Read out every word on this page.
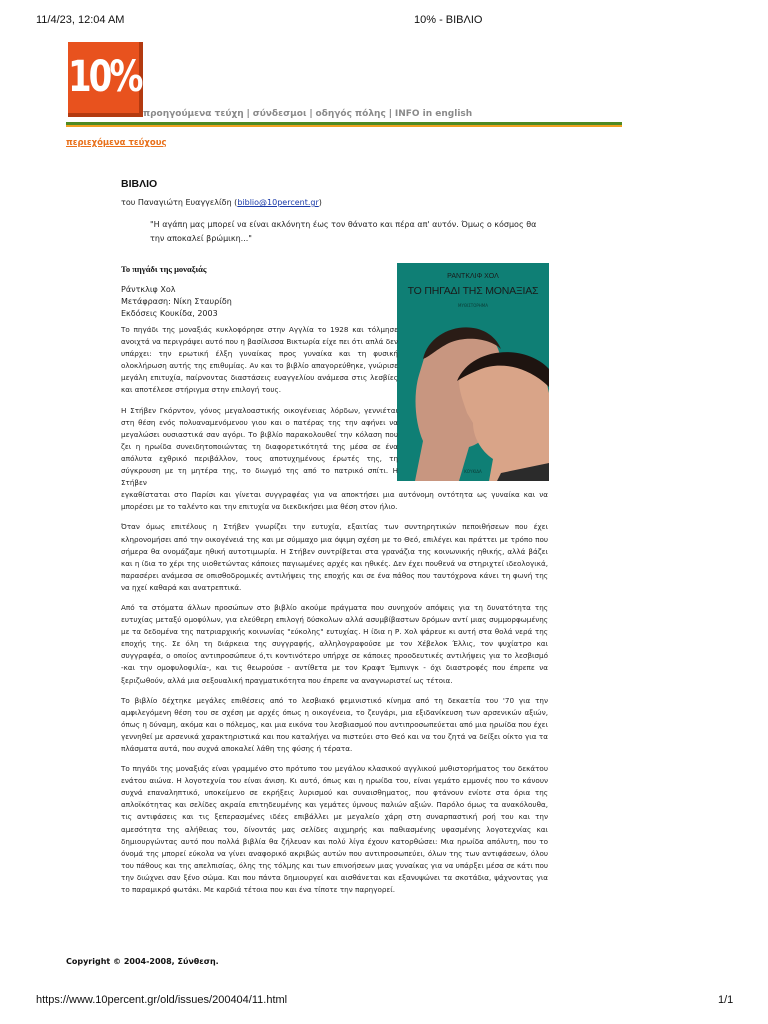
11/4/23, 12:04 AM	10% - ΒΙΒΛΙΟ
10%
προηγούμενα τεύχη | σύνδεσμοι | οδηγός πόλης | INFO in english
περιεχόμενα τεύχους
ΒΙΒΛΙΟ
του Παναγιώτη Ευαγγελίδη (biblio@10percent.gr)
"Η αγάπη μας μπορεί να είναι ακλόνητη έως τον θάνατο και πέρα απ' αυτόν. Όμως ο κόσμος θα την αποκαλεί βρώμικη..."
Το πηγάδι της μοναξιάς
Ράντκλιφ Χολ
Μετάφραση: Νίκη Σταυρίδη
Εκδόσεις Κουκίδα, 2003
ΡΑΝΤΚΛΙΦ ΧΟΛ
ΤΟ ΠΗΓΑΔΙ ΤΗΣ ΜΟΝΑΞΙΑΣ
ΜΥΘΙΣΤΟΡΗΜΑ
ΚΟΥΚΙΔΑ

Το πηγάδι της μοναξιάς κυκλοφόρησε στην Αγγλία το 1928 και τόλμησε ανοιχτά να περιγράψει αυτό που η βασίλισσα Βικτωρία είχε πει ότι απλά δεν υπάρχει: την ερωτική έλξη γυναίκας προς γυναίκα και τη φυσική ολοκλήρωση αυτής της επιθυμίας. Αν και το βιβλίο απαγορεύθηκε, γνώρισε μεγάλη επιτυχία, παίρνοντας διαστάσεις ευαγγελίου ανάμεσα στις λεσβίες και αποτέλεσε στήριγμα στην επιλογή τους.

Η Στήβεν Γκόρντον, γόνος μεγαλοαστικής οικογένειας λόρδων, γεννιέται στη θέση ενός πολυαναμενόμενου γιου και ο πατέρας της την αφήνει να μεγαλώσει ουσιαστικά σαν αγόρι. Το βιβλίο παρακολουθεί την κόλαση που ζει η ηρωίδα συνειδητοποιώντας τη διαφορετικότητά της μέσα σε ένα απόλυτα εχθρικό περιβάλλον, τους αποτυχημένους έρωτές της, τη σύγκρουση με τη μητέρα της, το διωγμό της από το πατρικό σπίτι. Η Στήβεν

εγκαθίσταται στο Παρίσι και γίνεται συγγραφέας για να αποκτήσει μια αυτόνομη οντότητα ως γυναίκα και να μπορέσει με το ταλέντο και την επιτυχία να διεκδικήσει μια θέση στον ήλιο.

Όταν όμως επιτέλους η Στήβεν γνωρίζει την ευτυχία, εξαιτίας των συντηρητικών πεποιθήσεων που έχει κληρονομήσει από την οικογένειά της και με σύμμαχο μια όψιμη σχέση με το Θεό, επιλέγει και πράττει με τρόπο που σήμερα θα ονομάζαμε ηθική αυτοτιμωρία. Η Στήβεν συντρίβεται στα γρανάζια της κοινωνικής ηθικής, αλλά βάζει και η ίδια το χέρι της υιοθετώντας κάποιες παγιωμένες αρχές και ηθικές. Δεν έχει πουθενά να στηριχτεί ιδεολογικά, παρασέρει ανάμεσα σε οπισθοδρομικές αντιλήψεις της εποχής και σε ένα πάθος που ταυτόχρονα κάνει τη φωνή της να ηχεί καθαρά και ανατρεπτικά.

Από τα στόματα άλλων προσώπων στο βιβλίο ακούμε πράγματα που συνηχούν απόψεις για τη δυνατότητα της ευτυχίας μεταξύ ομοφύλων, για ελεύθερη επιλογή δύσκολων αλλά ασυμβίβαστων δρόμων αντί μιας συμμορφωμένης με τα δεδομένα της πατριαρχικής κοινωνίας "εύκολης" ευτυχίας. Η ίδια η Ρ. Χολ ψάρευε κι αυτή στα θολά νερά της εποχής της. Σε όλη τη διάρκεια της συγγραφής, αλληλογραφούσε με τον Χέβελοκ Έλλις, τον ψυχίατρο και συγγραφέα, ο οποίος αντιπροσώπευε ό,τι κοντινότερο υπήρχε σε κάποιες προοδευτικές αντιλήψεις για το λεσβισμό -και την ομοφυλοφιλία-, και τις θεωρούσε - αντίθετα με τον Κραφτ Έμπινγκ - όχι διαστροφές που έπρεπε να ξεριζωθούν, αλλά μια σεξουαλική πραγματικότητα που έπρεπε να αναγνωριστεί ως τέτοια.

Το βιβλίο δέχτηκε μεγάλες επιθέσεις από το λεσβιακό φεμινιστικό κίνημα από τη δεκαετία του '70 για την αμφιλεγόμενη θέση του σε σχέση με αρχές όπως η οικογένεια, το ζευγάρι, μια εξιδανίκευση των αρσενικών αξιών, όπως η δύναμη, ακόμα και ο πόλεμος, και μια εικόνα του λεσβιασμού που αντιπροσωπεύεται από μια ηρωίδα που έχει γεννηθεί με αρσενικά χαρακτηριστικά και που καταλήγει να πιστεύει στο Θεό και να του ζητά να δείξει οίκτο για τα πλάσματα αυτά, που συχνά αποκαλεί λάθη της φύσης ή τέρατα.

Το πηγάδι της μοναξιάς είναι γραμμένο στο πρότυπο του μεγάλου κλασικού αγγλικού μυθιστορήματος του δεκάτου ενάτου αιώνα. Η λογοτεχνία του είναι άνιση. Κι αυτό, όπως και η ηρωίδα του, είναι γεμάτο εμμονές που το κάνουν συχνά επαναληπτικό, υποκείμενο σε εκρήξεις λυρισμού και συναισθηματος, που φτάνουν ενίοτε στα όρια της απλοϊκότητας και σελίδες ακραία επιτηδευμένης και γεμάτες ύμνους παλιών αξιών. Παρόλο όμως τα ανακόλουθα, τις αντιφάσεις και τις ξεπερασμένες ιδέες επιβάλλει με μεγαλείο χάρη στη συναρπαστική ροή του και την αμεσότητα της αλήθειας του, δίνοντάς μας σελίδες αιχμηρής και παθιασμένης υφασμένης λογοτεχνίας και δημιουργώντας αυτό που πολλά βιβλία θα ζήλευαν και πολύ λίγα έχουν κατορθώσει: Μια ηρωίδα απόλυτη, που το όνομά της μπορεί εύκολα να γίνει αναφορικό ακριβώς αυτών που αντιπροσωπεύει, όλων της των αντιφάσεων, όλου του πάθους και της απελπισίας, όλης της τόλμης και των επινοήσεων μιας γυναίκας για να υπάρξει μέσα σε κάτι που την διώχνει σαν ξένο σώμα. Και που πάντα δημιουργεί και αισθάνεται και εξανυψώνει τα σκοτάδια, ψάχνοντας για το παραμικρό φωτάκι. Με καρδιά τέτοια που και ένα τίποτε την παρηγορεί.

Copyright © 2004-2008, Σύνθεση.
https://www.10percent.gr/old/issues/200404/11.html	1/1
